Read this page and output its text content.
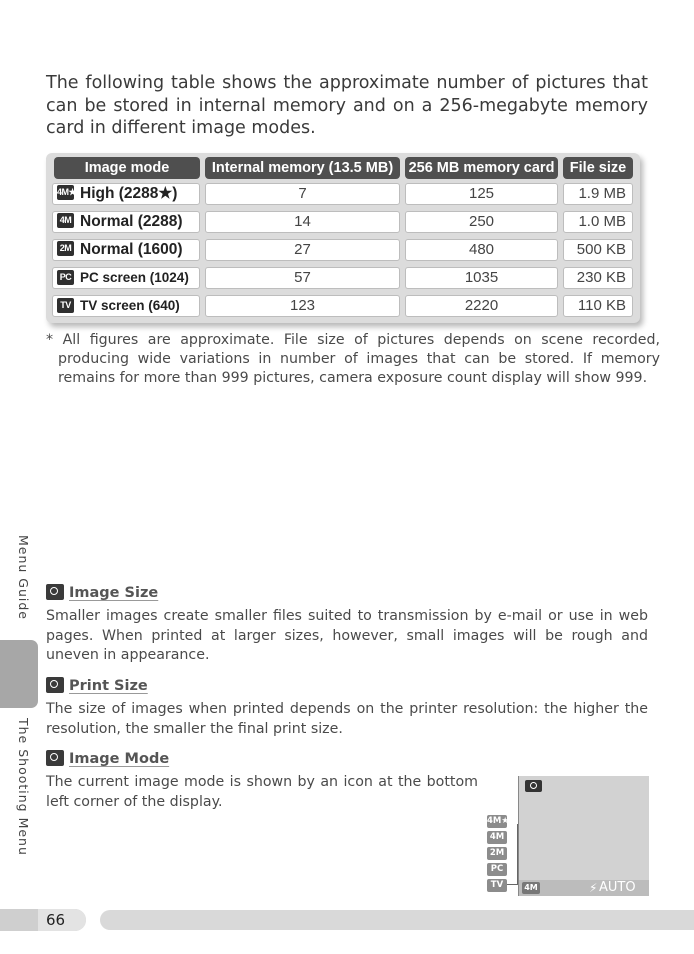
The following table shows the approximate number of pictures that can be stored in internal memory and on a 256-megabyte memory card in different image modes.
Image mode	Internal memory (13.5 MB)	256 MB memory card	File size
4M★ High (2288★)	7	125	1.9 MB
4M Normal (2288)	14	250	1.0 MB
2M Normal (1600)	27	480	500 KB
PC PC screen (1024)	57	1035	230 KB
TV TV screen (640)	123	2220	110 KB
* All figures are approximate. File size of pictures depends on scene recorded, producing wide variations in number of images that can be stored. If memory remains for more than 999 pictures, camera exposure count display will show 999.
Menu Guide
The Shooting Menu
Image Size
Smaller images create smaller files suited to transmission by e-mail or use in web pages. When printed at larger sizes, however, small images will be rough and uneven in appearance.
Print Size
The size of images when printed depends on the printer resolution: the higher the resolution, the smaller the final print size.
Image Mode
The current image mode is shown by an icon at the bottom left corner of the display.
4M★
4M
2M
PC
TV	4M	⚡ AUTO
66
